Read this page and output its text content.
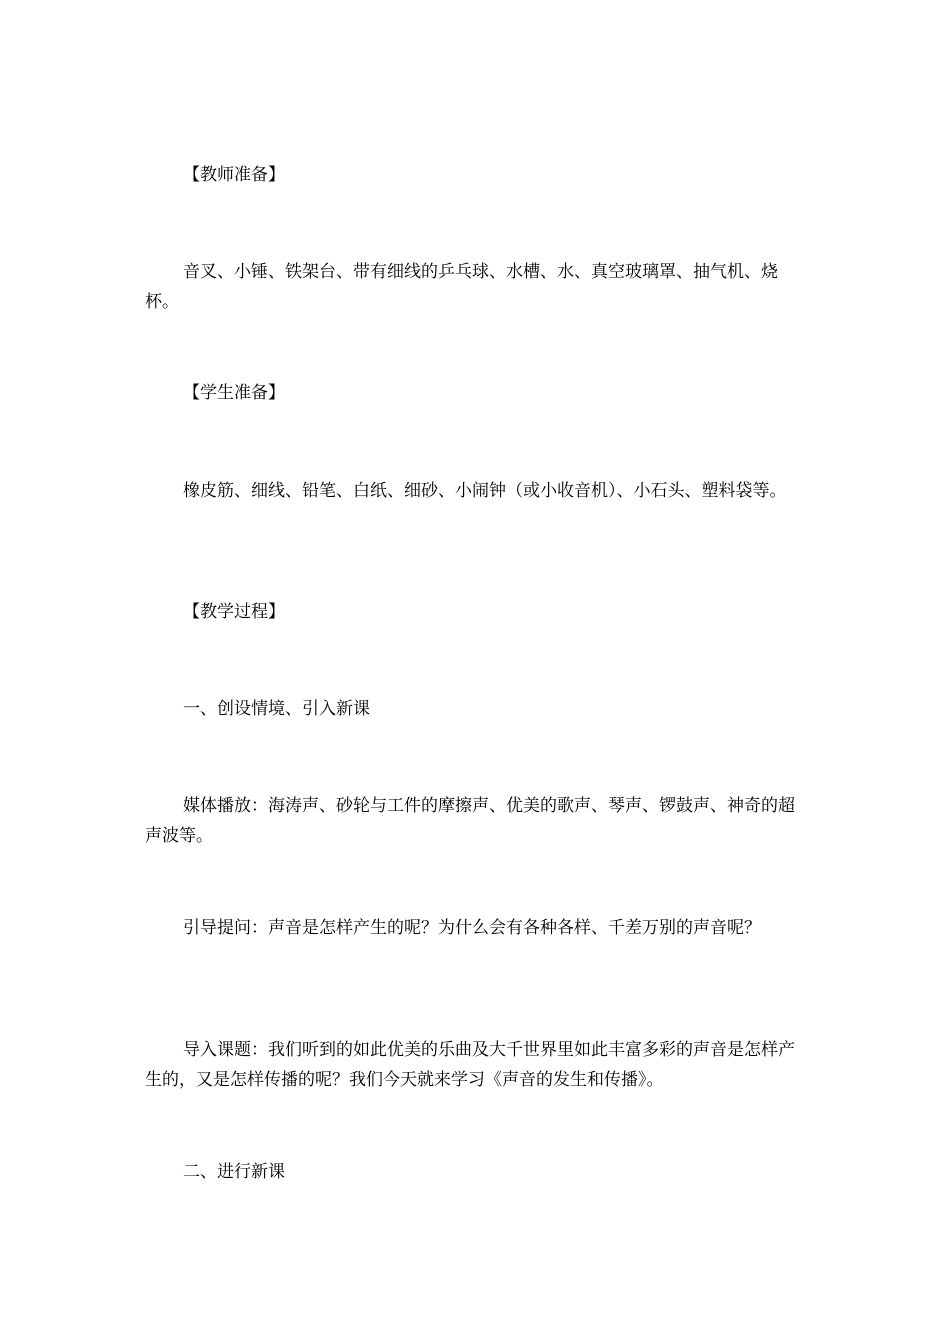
【教师准备】

音叉、小锤、铁架台、带有细线的乒乓球、水槽、水、真空玻璃罩、抽气机、烧杯。

【学生准备】

橡皮筋、细线、铅笔、白纸、细砂、小闹钟（或小收音机）、小石头、塑料袋等。

【教学过程】

一、创设情境、引入新课

媒体播放：海涛声、砂轮与工件的摩擦声、优美的歌声、琴声、锣鼓声、神奇的超声波等。

引导提问：声音是怎样产生的呢？为什么会有各种各样、千差万别的声音呢？

导入课题：我们听到的如此优美的乐曲及大千世界里如此丰富多彩的声音是怎样产生的，又是怎样传播的呢？我们今天就来学习《声音的发生和传播》。

二、进行新课
